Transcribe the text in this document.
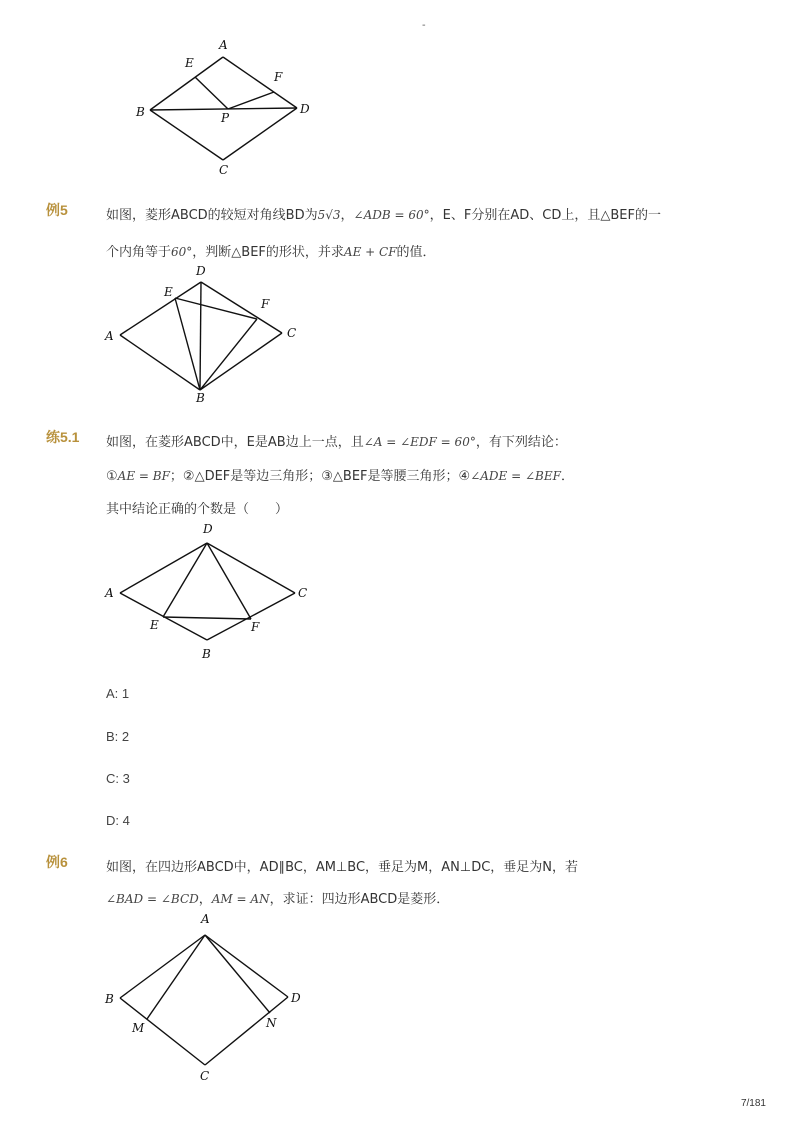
-
A
E
F
B	P
D
C
例5	如图，菱形ABCD的较短对角线BD为5√3，∠ADB = 60°，E、F分别在AD、CD上，且△BEF的一
个内角等于60°，判断△BEF的形状，并求AE + CF的值．
D
E
F
A	C
B
练5.1 如图，在菱形ABCD中，E是AB边上一点，且∠A = ∠EDF = 60°，有下列结论：
①AE = BF；②△DEF是等边三角形；③△BEF是等腰三角形；④∠ADE = ∠BEF．
其中结论正确的个数是（　　）
D
A	C
E	F
B
A: 1
B: 2
C: 3
D: 4
例6	如图，在四边形ABCD中，AD∥BC，AM⊥BC，垂足为M，AN⊥DC，垂足为N，若
∠BAD = ∠BCD，AM = AN，求证：四边形ABCD是菱形．
A
B	D
M	N
C
7/181
